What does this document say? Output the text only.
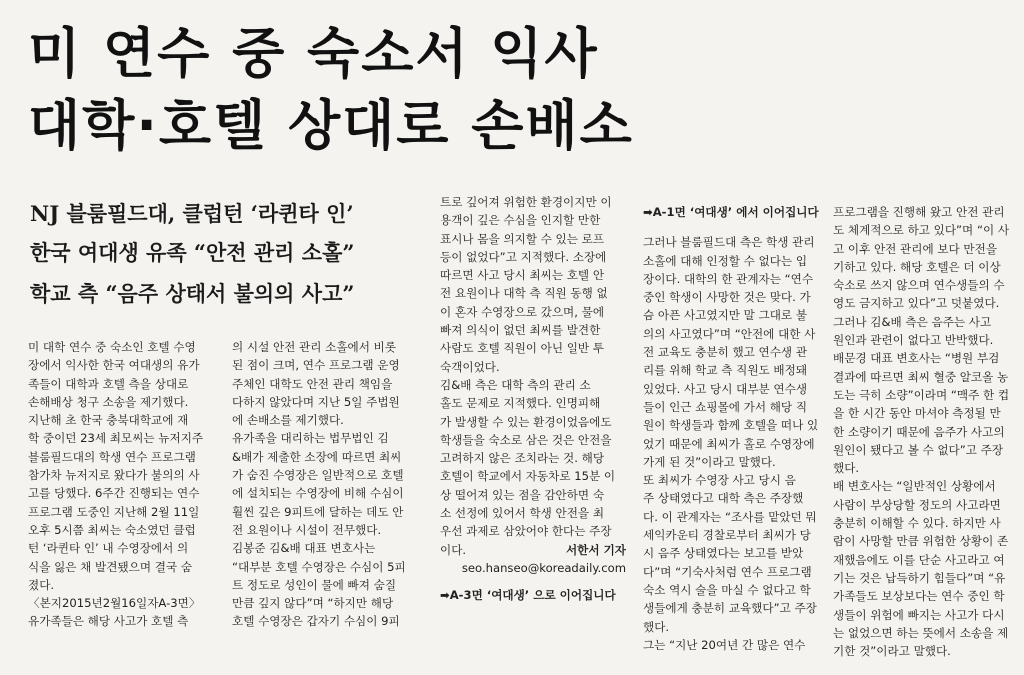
미 연수 중 숙소서 익사
대학·호텔 상대로 손배소
NJ 블룸필드대, 클럽턴 ‘라퀸타 인’
한국 여대생 유족 “안전 관리 소홀”
학교 측 “음주 상태서 불의의 사고”
미 대학 연수 중 숙소인 호텔 수영
장에서 익사한 한국 여대생의 유가
족들이 대학과 호텔 측을 상대로
손해배상 청구 소송을 제기했다.
지난해 초 한국 충북대학교에 재
학 중이던 23세 최모씨는 뉴저지주
블룸필드대의 학생 연수 프로그램
참가차 뉴저지로 왔다가 불의의 사
고를 당했다. 6주간 진행되는 연수
프로그램 도중인 지난해 2월 11일
오후 5시쯤 최씨는 숙소였던 클럽
턴 ‘라퀸타 인’ 내 수영장에서 의
식을 잃은 채 발견됐으며 결국 숨
졌다.
〈본지2015년2월16일자A-3면〉
유가족들은 해당 사고가 호텔 측
의 시설 안전 관리 소홀에서 비롯
된 점이 크며, 연수 프로그램 운영
주체인 대학도 안전 관리 책임을
다하지 않았다며 지난 5일 주법원
에 손배소를 제기했다.
유가족을 대리하는 법무법인 김
&배가 제출한 소장에 따르면 최씨
가 숨진 수영장은 일반적으로 호텔
에 설치되는 수영장에 비해 수심이
훨씬 깊은 9피트에 달하는 데도 안
전 요원이나 시설이 전무했다.
김봉준 김&배 대표 변호사는
“대부분 호텔 수영장은 수심이 5피
트 정도로 성인이 물에 빠져 숨질
만큼 깊지 않다”며 “하지만 해당
호텔 수영장은 갑자기 수심이 9피
트로 깊어져 위험한 환경이지만 이
용객이 깊은 수심을 인지할 만한
표시나 몸을 의지할 수 있는 로프
등이 없었다”고 지적했다. 소장에
따르면 사고 당시 최씨는 호텔 안
전 요원이나 대학 측 직원 동행 없
이 혼자 수영장으로 갔으며, 물에
빠져 의식이 없던 최씨를 발견한
사람도 호텔 직원이 아닌 일반 투
숙객이었다.
김&배 측은 대학 측의 관리 소
홀도 문제로 지적했다. 인명피해
가 발생할 수 있는 환경이었음에도
학생들을 숙소로 삼은 것은 안전을
고려하지 않은 조치라는 것. 해당
호텔이 학교에서 자동차로 15분 이
상 떨어져 있는 점을 감안하면 숙
소 선정에 있어서 학생 안전을 최
우선 과제로 삼았어야 한다는 주장
이다.	서한서 기자
seo.hanseo@koreadaily.com
➡A-3면 ‘여대생’ 으로 이어집니다
➡A-1면 ‘여대생’ 에서 이어집니다
그러나 블룸필드대 측은 학생 관리
소홀에 대해 인정할 수 없다는 입
장이다. 대학의 한 관계자는 “연수
중인 학생이 사망한 것은 맞다. 가
슴 아픈 사고였지만 말 그대로 불
의의 사고였다”며 “안전에 대한 사
전 교육도 충분히 했고 연수생 관
리를 위해 학교 측 직원도 배정돼
있었다. 사고 당시 대부분 연수생
들이 인근 쇼핑몰에 가서 해당 직
원이 학생들과 함께 호텔을 떠나 있
었기 때문에 최씨가 홀로 수영장에
가게 된 것”이라고 말했다.
또 최씨가 수영장 사고 당시 음
주 상태였다고 대학 측은 주장했
다. 이 관계자는 “조사를 맡았던 뭐
세익카운티 경찰로부터 최씨가 당
시 음주 상태였다는 보고를 받았
다”며 “기숙사처럼 연수 프로그램
숙소 역시 술을 마실 수 없다고 학
생들에게 충분히 교육했다”고 주장
했다.
그는 “지난 20여년 간 많은 연수
프로그램을 진행해 왔고 안전 관리
도 체계적으로 하고 있다”며 “이 사
고 이후 안전 관리에 보다 만전을
기하고 있다. 해당 호텔은 더 이상
숙소로 쓰지 않으며 연수생들의 수
영도 금지하고 있다”고 덧붙였다.
그러나 김&배 측은 음주는 사고
원인과 관련이 없다고 반박했다.
배문경 대표 변호사는 “병원 부검
결과에 따르면 최씨 혈중 알코올 농
도는 극히 소량”이라며 “맥주 한 컵
을 한 시간 동안 마셔야 측정될 만
한 소량이기 때문에 음주가 사고의
원인이 됐다고 볼 수 없다”고 주장
했다.
배 변호사는 “일반적인 상황에서
사람이 부상당할 정도의 사고라면
충분히 이해할 수 있다. 하지만 사
람이 사망할 만큼 위험한 상황이 존
재했음에도 이를 단순 사고라고 여
기는 것은 납득하기 힘들다”며 “유
가족들도 보상보다는 연수 중인 학
생들이 위험에 빠지는 사고가 다시
는 없었으면 하는 뜻에서 소송을 제
기한 것”이라고 말했다.
